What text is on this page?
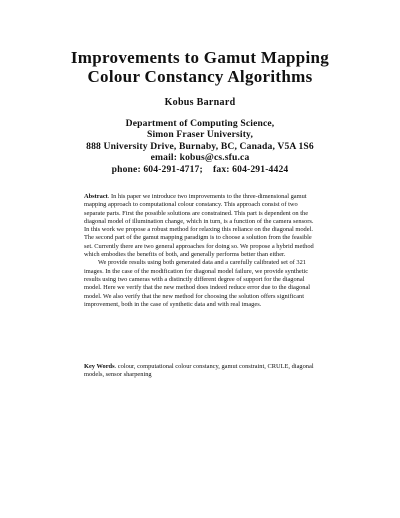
Improvements to Gamut Mapping
Colour Constancy Algorithms
Kobus Barnard
Department of Computing Science,
Simon Fraser University,
888 University Drive, Burnaby, BC, Canada, V5A 1S6
email: kobus@cs.sfu.ca
phone: 604-291-4717;    fax: 604-291-4424

Abstract. In his paper we introduce two improvements to the three-dimensional gamut mapping approach to computational colour constancy. This approach consist of two separate parts. First the possible solutions are constrained. This part is dependent on the diagonal model of illumination change, which in turn, is a function of the camera sensors. In this work we propose a robust method for relaxing this reliance on the diagonal model. The second part of the gamut mapping paradigm is to choose a solution from the feasible set. Currently there are two general approaches for doing so. We propose a hybrid method which embodies the benefits of both, and generally performs better than either.

We provide results using both generated data and a carefully calibrated set of 321 images. In the case of the modification for diagonal model failure, we provide synthetic results using two cameras with a distinctly different degree of support for the diagonal model. Here we verify that the new method does indeed reduce error due to the diagonal model. We also verify that the new method for choosing the solution offers significant improvement, both in the case of synthetic data and with real images.

Key Words. colour, computational colour constancy, gamut constraint, CRULE, diagonal models, sensor sharpening
